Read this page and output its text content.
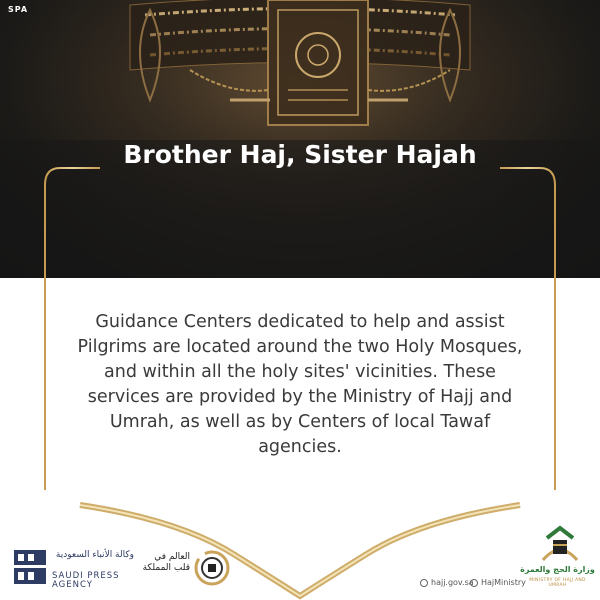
SPA
Brother Haj, Sister Hajah
Guidance Centers dedicated to help and assist Pilgrims are located around the two Holy Mosques, and within all the holy sites' vicinities. These services are provided by the Ministry of Hajj and Umrah, as well as by Centers of local Tawaf agencies.
وكالة الأنباء السعودية
SAUDI PRESS AGENCY
العالم في قلب المملكة
hajj.gov.sa HajMinistry
وزارة الحج والعمرة
MINISTRY OF HAJJ AND UMRAH
